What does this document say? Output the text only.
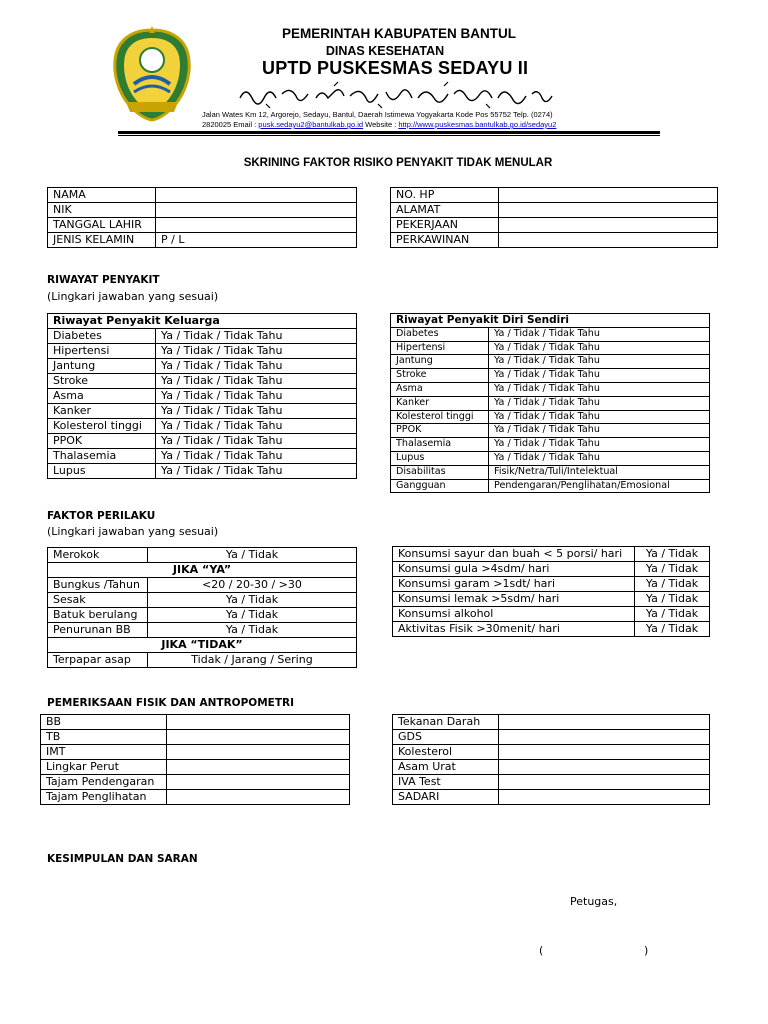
PEMERINTAH KABUPATEN BANTUL
DINAS KESEHATAN
UPTD PUSKESMAS SEDAYU II
Jalan Wates Km 12, Argorejo, Sedayu, Bantul, Daerah Istimewa Yogyakarta Kode Pos 55752 Telp. (0274)
2820025 Email : pusk.sedayu2@bantulkab.go.id Website : http://www.puskesmas.bantulkab.go.id/sedayu2
SKRINING FAKTOR RISIKO PENYAKIT TIDAK MENULAR
NAMA	
NIK	
TANGGAL LAHIR	
JENIS KELAMIN	P / L
NO. HP	
ALAMAT	
PEKERJAAN	
PERKAWINAN	
RIWAYAT PENYAKIT
(Lingkari jawaban yang sesuai)
Riwayat Penyakit Keluarga	
Diabetes	Ya / Tidak / Tidak Tahu
Hipertensi	Ya / Tidak / Tidak Tahu
Jantung	Ya / Tidak / Tidak Tahu
Stroke	Ya / Tidak / Tidak Tahu
Asma	Ya / Tidak / Tidak Tahu
Kanker	Ya / Tidak / Tidak Tahu
Kolesterol tinggi	Ya / Tidak / Tidak Tahu
PPOK	Ya / Tidak / Tidak Tahu
Thalasemia	Ya / Tidak / Tidak Tahu
Lupus	Ya / Tidak / Tidak Tahu
Riwayat Penyakit Diri Sendiri	
Diabetes	Ya / Tidak / Tidak Tahu
Hipertensi	Ya / Tidak / Tidak Tahu
Jantung	Ya / Tidak / Tidak Tahu
Stroke	Ya / Tidak / Tidak Tahu
Asma	Ya / Tidak / Tidak Tahu
Kanker	Ya / Tidak / Tidak Tahu
Kolesterol tinggi	Ya / Tidak / Tidak Tahu
PPOK	Ya / Tidak / Tidak Tahu
Thalasemia	Ya / Tidak / Tidak Tahu
Lupus	Ya / Tidak / Tidak Tahu
Disabilitas	Fisik/Netra/Tuli/Intelektual
Gangguan	Pendengaran/Penglihatan/Emosional
FAKTOR PERILAKU
(Lingkari jawaban yang sesuai)
Merokok	Ya / Tidak
JIKA “YA”	
Bungkus /Tahun	<20 / 20-30 / >30
Sesak	Ya / Tidak
Batuk berulang	Ya / Tidak
Penurunan BB	Ya / Tidak
JIKA “TIDAK”	
Terpapar asap	Tidak / Jarang / Sering
Konsumsi sayur dan buah < 5 porsi/ hari	Ya / Tidak
Konsumsi gula >4sdm/ hari	Ya / Tidak
Konsumsi garam >1sdt/ hari	Ya / Tidak
Konsumsi lemak >5sdm/ hari	Ya / Tidak
Konsumsi alkohol	Ya / Tidak
Aktivitas Fisik >30menit/ hari	Ya / Tidak
PEMERIKSAAN FISIK DAN ANTROPOMETRI
BB	
TB	
IMT	
Lingkar Perut	
Tajam Pendengaran	
Tajam Penglihatan	
Tekanan Darah	
GDS	
Kolesterol	
Asam Urat	
IVA Test	
SADARI	
KESIMPULAN DAN SARAN
Petugas,
(	)
